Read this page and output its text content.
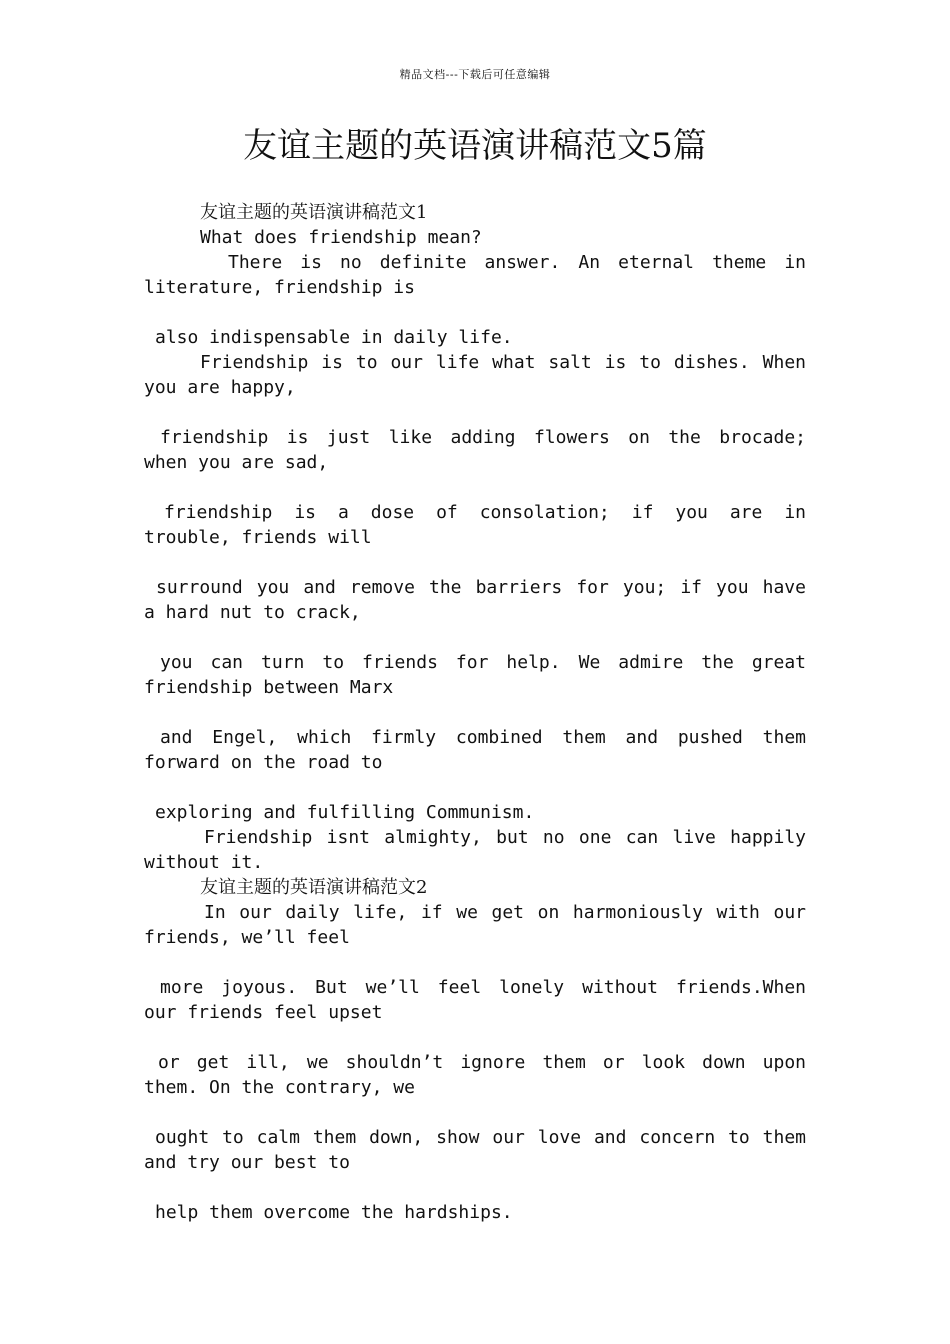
精品文档---下载后可任意编辑
友谊主题的英语演讲稿范文5篇
友谊主题的英语演讲稿范文1
What does friendship mean?
There is no definite answer. An eternal theme in
literature, friendship is
also indispensable in daily life.
Friendship is to our life what salt is to dishes. When
you are happy,
friendship is just like adding flowers on the brocade;
when you are sad,
friendship is a dose of consolation; if you are in
trouble, friends will
surround you and remove the barriers for you; if you have
a hard nut to crack,
you can turn to friends for help. We admire the great
friendship between Marx
and Engel, which firmly combined them and pushed them
forward on the road to
exploring and fulfilling Communism.
Friendship isnt almighty, but no one can live happily
without it.
友谊主题的英语演讲稿范文2
In our daily life, if we get on harmoniously with our
friends, we’ll feel
more joyous. But we’ll feel lonely without friends.When
our friends feel upset
or get ill, we shouldn’t ignore them or look down upon
them. On the contrary, we
ought to calm them down, show our love and concern to them
and try our best to
help them overcome the hardships.
